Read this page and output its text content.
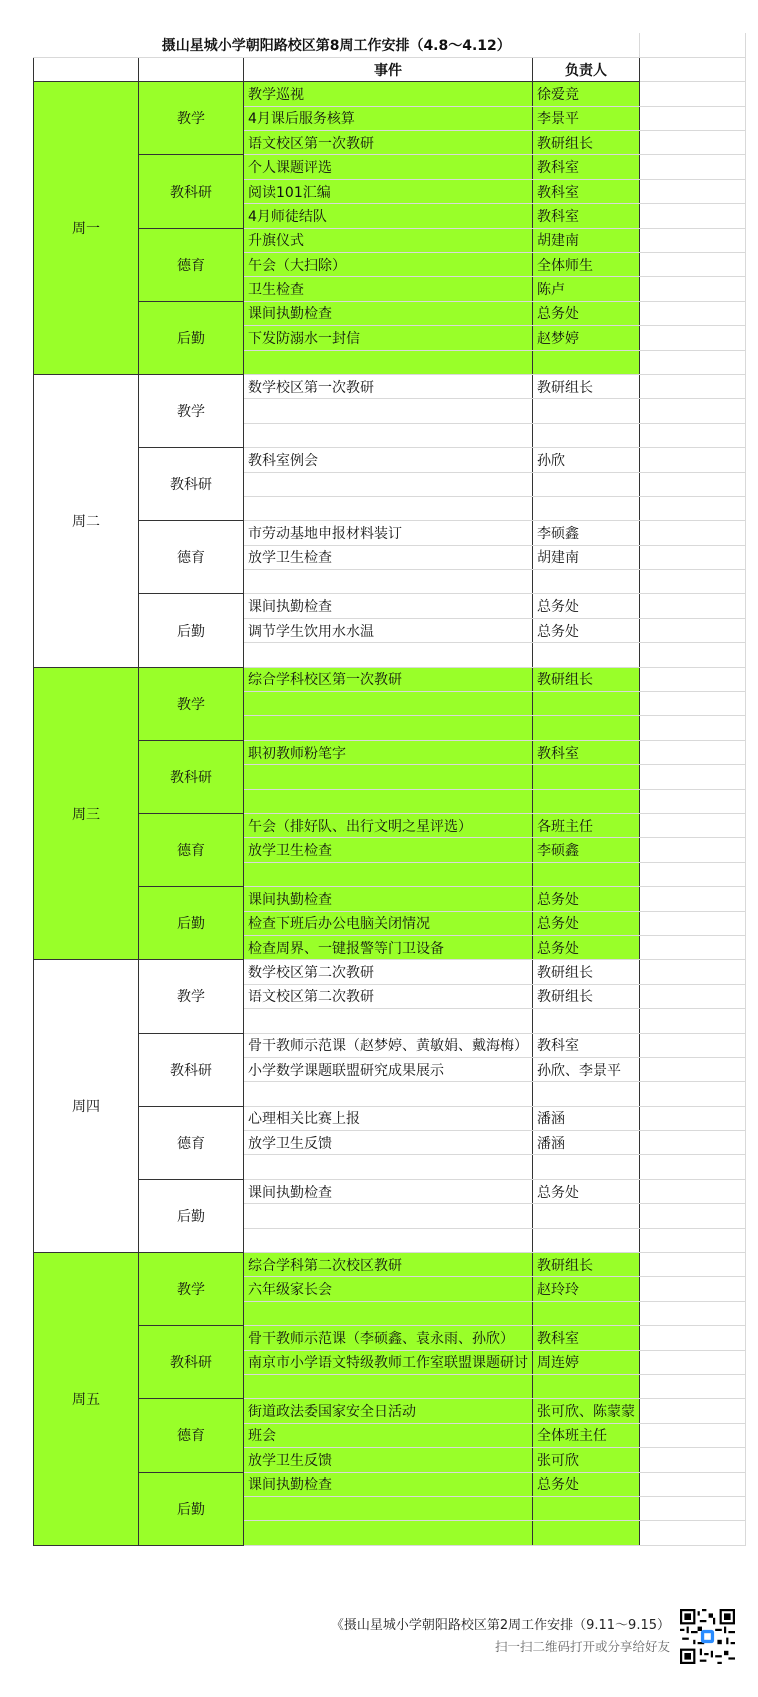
摄山星城小学朝阳路校区第8周工作安排（4.8～4.12）				
		事件	负责人	
周一	教学	教学巡视	徐爱竞	
		4月课后服务核算	李景平	
		语文校区第一次教研	教研组长	
	教科研	个人课题评选	教科室	
		阅读101汇编	教科室	
		4月师徒结队	教科室	
	德育	升旗仪式	胡建南	
		午会（大扫除）	全体师生	
		卫生检查	陈卢	
	后勤	课间执勤检查	总务处	
		下发防溺水一封信	赵梦婷	

周二	教学	数学校区第一次教研	教研组长	

	教科研	教科室例会	孙欣	

	德育	市劳动基地申报材料装订	李硕鑫	
		放学卫生检查	胡建南	

	后勤	课间执勤检查	总务处	
		调节学生饮用水水温	总务处	

周三	教学	综合学科校区第一次教研	教研组长	

	教科研	职初教师粉笔字	教科室	

	德育	午会（排好队、出行文明之星评选）	各班主任	
		放学卫生检查	李硕鑫	

	后勤	课间执勤检查	总务处	
		检查下班后办公电脑关闭情况	总务处	
		检查周界、一键报警等门卫设备	总务处	
周四	教学	数学校区第二次教研	教研组长	
		语文校区第二次教研	教研组长	

	教科研	骨干教师示范课（赵梦婷、黄敏娟、戴海梅）	教科室	
		小学数学课题联盟研究成果展示	孙欣、李景平	

	德育	心理相关比赛上报	潘涵	
		放学卫生反馈	潘涵	

	后勤	课间执勤检查	总务处	

周五	教学	综合学科第二次校区教研	教研组长	
		六年级家长会	赵玲玲	

	教科研	骨干教师示范课（李硕鑫、袁永雨、孙欣）	教科室	
		南京市小学语文特级教师工作室联盟课题研讨	周连婷	

	德育	街道政法委国家安全日活动	张可欣、陈蒙蒙	
		班会	全体班主任	
		放学卫生反馈	张可欣	
	后勤	课间执勤检查	总务处	

《摄山星城小学朝阳路校区第2周工作安排（9.11～9.15）
扫一扫二维码打开或分享给好友
